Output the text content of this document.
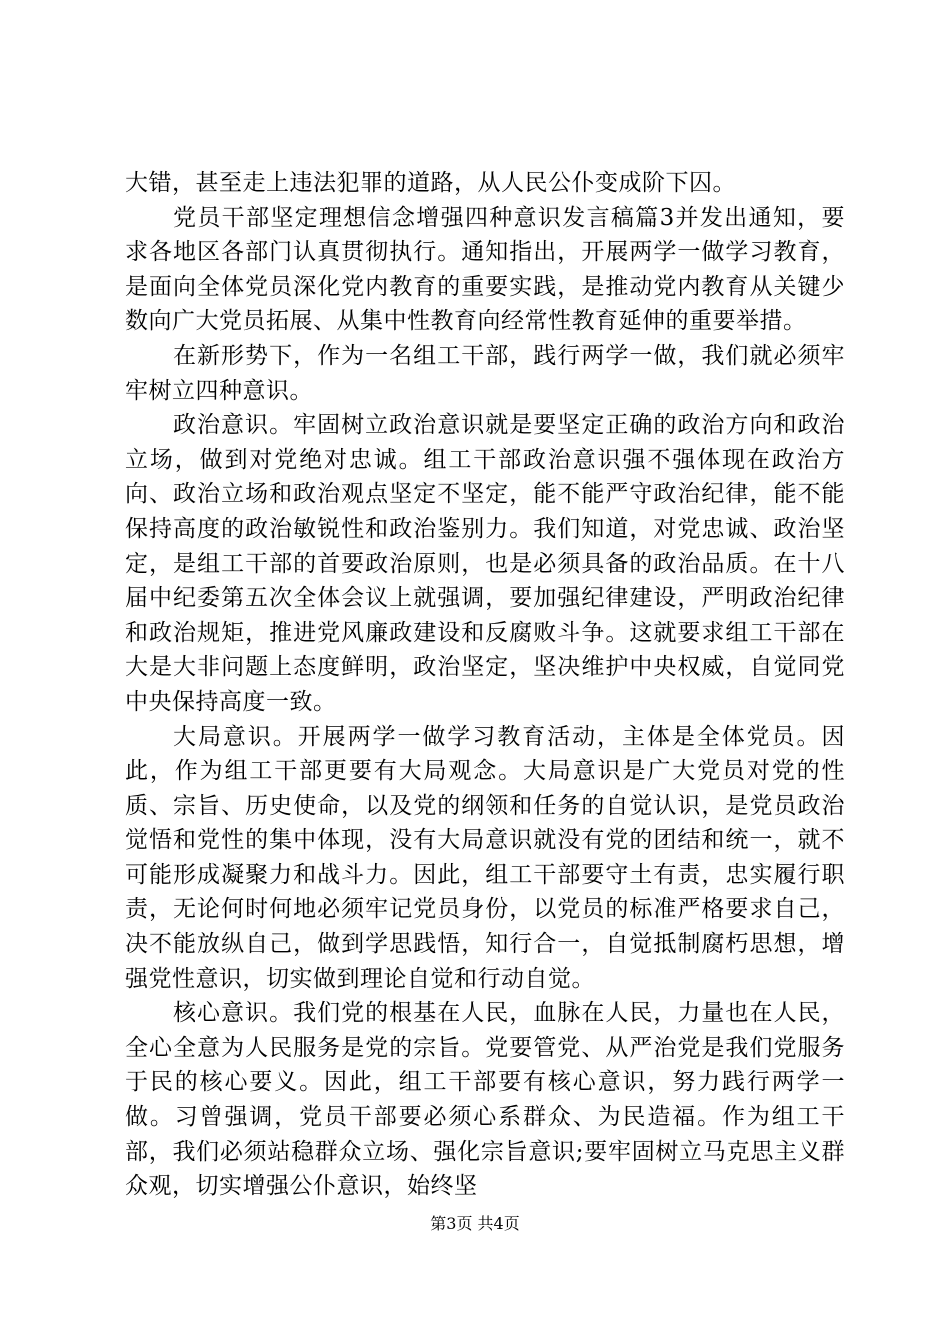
大错，甚至走上违法犯罪的道路，从人民公仆变成阶下囚。

党员干部坚定理想信念增强四种意识发言稿篇3并发出通知，要求各地区各部门认真贯彻执行。通知指出，开展两学一做学习教育，是面向全体党员深化党内教育的重要实践，是推动党内教育从关键少数向广大党员拓展、从集中性教育向经常性教育延伸的重要举措。

在新形势下，作为一名组工干部，践行两学一做，我们就必须牢牢树立四种意识。

政治意识。牢固树立政治意识就是要坚定正确的政治方向和政治立场，做到对党绝对忠诚。组工干部政治意识强不强体现在政治方向、政治立场和政治观点坚定不坚定，能不能严守政治纪律，能不能保持高度的政治敏锐性和政治鉴别力。我们知道，对党忠诚、政治坚定，是组工干部的首要政治原则，也是必须具备的政治品质。在十八届中纪委第五次全体会议上就强调，要加强纪律建设，严明政治纪律和政治规矩，推进党风廉政建设和反腐败斗争。这就要求组工干部在大是大非问题上态度鲜明，政治坚定，坚决维护中央权威，自觉同党中央保持高度一致。

大局意识。开展两学一做学习教育活动，主体是全体党员。因此，作为组工干部更要有大局观念。大局意识是广大党员对党的性质、宗旨、历史使命，以及党的纲领和任务的自觉认识，是党员政治觉悟和党性的集中体现，没有大局意识就没有党的团结和统一，就不可能形成凝聚力和战斗力。因此，组工干部要守土有责，忠实履行职责，无论何时何地必须牢记党员身份，以党员的标准严格要求自己，决不能放纵自己，做到学思践悟，知行合一，自觉抵制腐朽思想，增强党性意识，切实做到理论自觉和行动自觉。

核心意识。我们党的根基在人民，血脉在人民，力量也在人民，全心全意为人民服务是党的宗旨。党要管党、从严治党是我们党服务于民的核心要义。因此，组工干部要有核心意识，努力践行两学一做。习曾强调，党员干部要必须心系群众、为民造福。作为组工干部，我们必须站稳群众立场、强化宗旨意识;要牢固树立马克思主义群众观，切实增强公仆意识，始终坚

第3页 共4页
